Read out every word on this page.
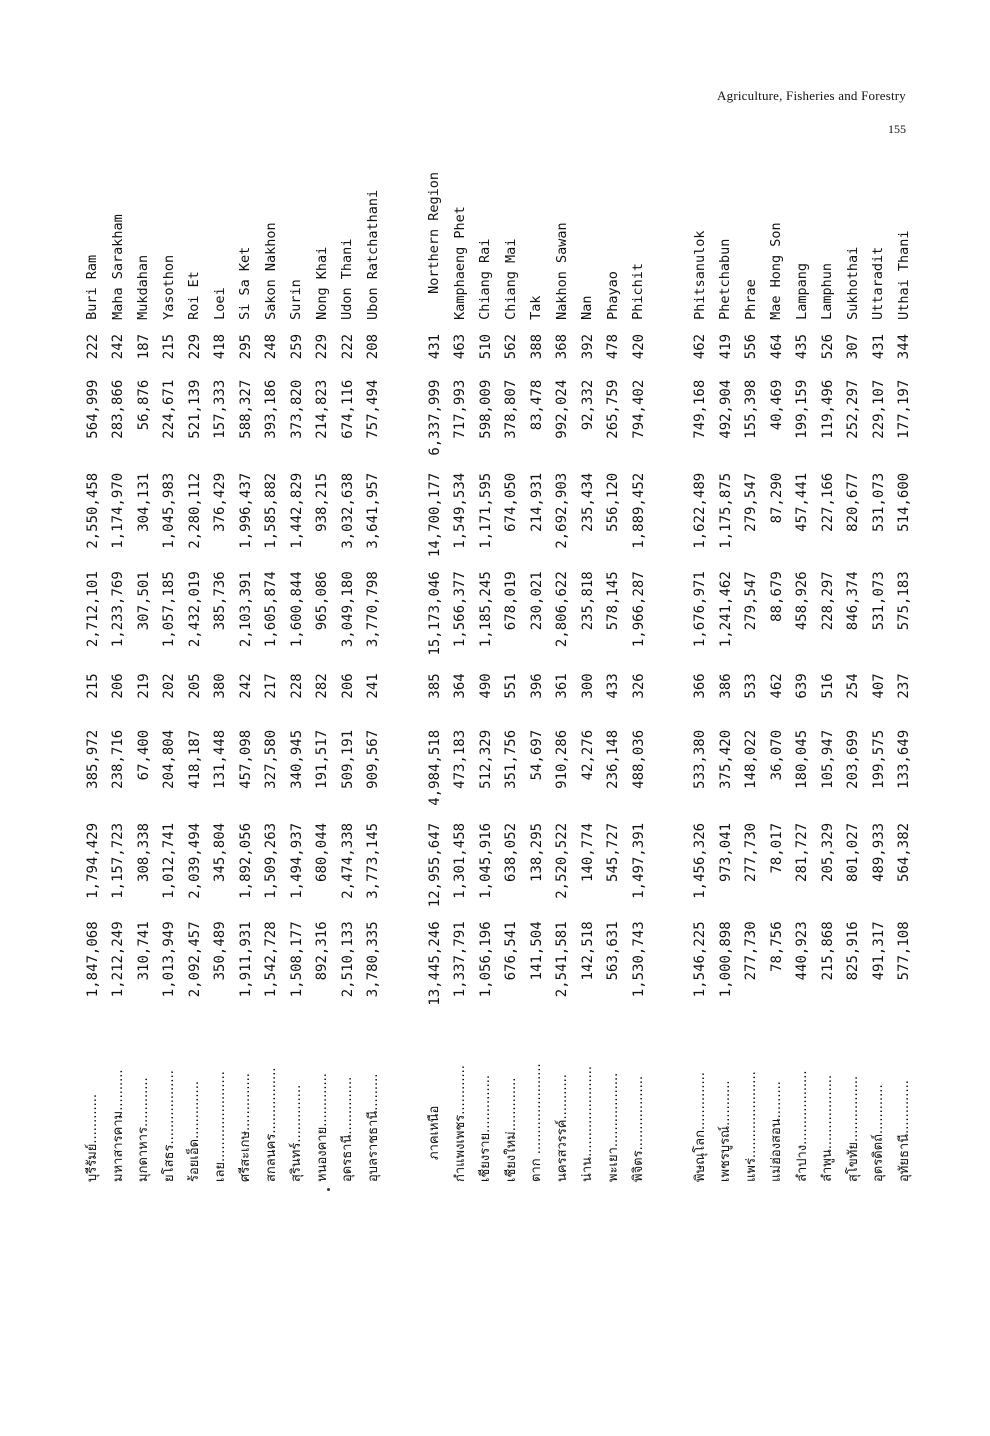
Agriculture, Fisheries and Forestry
155
บุรีรัมย์............	1,847,068	1,794,429	385,972	215	2,712,101	2,550,458	564,999	222	Buri Ram
มหาสารคาม..........	1,212,249	1,157,723	238,716	206	1,233,769	1,174,970	283,866	242	Maha Sarakham
มุกดาหาร............	310,741	308,338	67,400	219	307,501	304,131	56,876	187	Mukdahan
ยโสธร..................	1,013,949	1,012,741	204,804	202	1,057,185	1,045,983	224,671	215	Yasothon
ร้อยเอ็ด..............	2,092,457	2,039,494	418,187	205	2,432,019	2,280,112	521,139	229	Roi Et
เลย......................	350,489	345,804	131,448	380	385,736	376,429	157,333	418	Loei
ศรีสะเกษ..............	1,911,931	1,892,056	457,098	242	2,103,391	1,996,437	588,327	295	Si Sa Ket
สกลนคร................	1,542,728	1,509,263	327,580	217	1,605,874	1,585,882	393,186	248	Sakon Nakhon
สุรินทร์..............	1,508,177	1,494,937	340,945	228	1,600,844	1,442,829	373,820	259	Surin
หนองคาย.............	892,316	680,044	191,517	282	965,086	938,215	214,823	229	Nong Khai
อุดรธานี..............	2,510,133	2,474,338	509,191	206	3,049,180	3,032,638	674,116	222	Udon Thani
อุบลราชธานี.........	3,780,335	3,773,145	909,567	241	3,770,798	3,641,957	757,494	208	Ubon Ratchathani

ภาคเหนือ	13,445,246	12,955,647	4,984,518	385	15,173,046	14,700,177	6,337,999	431	Northern Region
กำแพงเพชร............	1,337,791	1,301,458	473,183	364	1,566,377	1,549,534	717,993	463	Kamphaeng Phet
เชียงราย..............	1,056,196	1,045,916	512,329	490	1,185,245	1,171,595	598,009	510	Chiang Rai
เชียงใหม่.............	676,541	638,052	351,756	551	678,019	674,050	378,807	562	Chiang Mai
ตาก ......................	141,504	138,295	54,697	396	230,021	214,931	83,478	388	Tak
นครสวรรค์...........	2,541,581	2,520,522	910,286	361	2,806,622	2,692,903	992,024	368	Nakhon Sawan
น่าน......................	142,518	140,774	42,276	300	235,818	235,434	92,332	392	Nan
พะเยา..................	563,631	545,727	236,148	433	578,145	556,120	265,759	478	Phayao
พิจิตร..................	1,530,743	1,497,391	488,036	326	1,966,287	1,889,452	794,402	420	Phichit

พิษณุโลก..............	1,546,225	1,456,326	533,380	366	1,676,971	1,622,489	749,168	462	Phitsanulok
เพชรบูรณ์...........	1,000,898	973,041	375,420	386	1,241,462	1,175,875	492,904	419	Phetchabun
แพร่.....................	277,730	277,730	148,022	533	279,547	279,547	155,398	556	Phrae
แม่ฮ่องสอน.........	78,756	78,017	36,070	462	88,679	87,290	40,469	464	Mae Hong Son
ลำปาง..................	440,923	281,727	180,045	639	458,926	457,441	199,159	435	Lampang
ลำพูน..................	215,868	205,329	105,947	516	228,297	227,166	119,496	526	Lamphun
สุโขทัย................	825,916	801,027	203,699	254	846,374	820,677	252,297	307	Sukhothai
อุตรดิตถ์............	491,317	489,933	199,575	407	531,073	531,073	229,107	431	Uttaradit
อุทัยธานี.............	577,108	564,382	133,649	237	575,183	514,600	177,197	344	Uthai Thani
